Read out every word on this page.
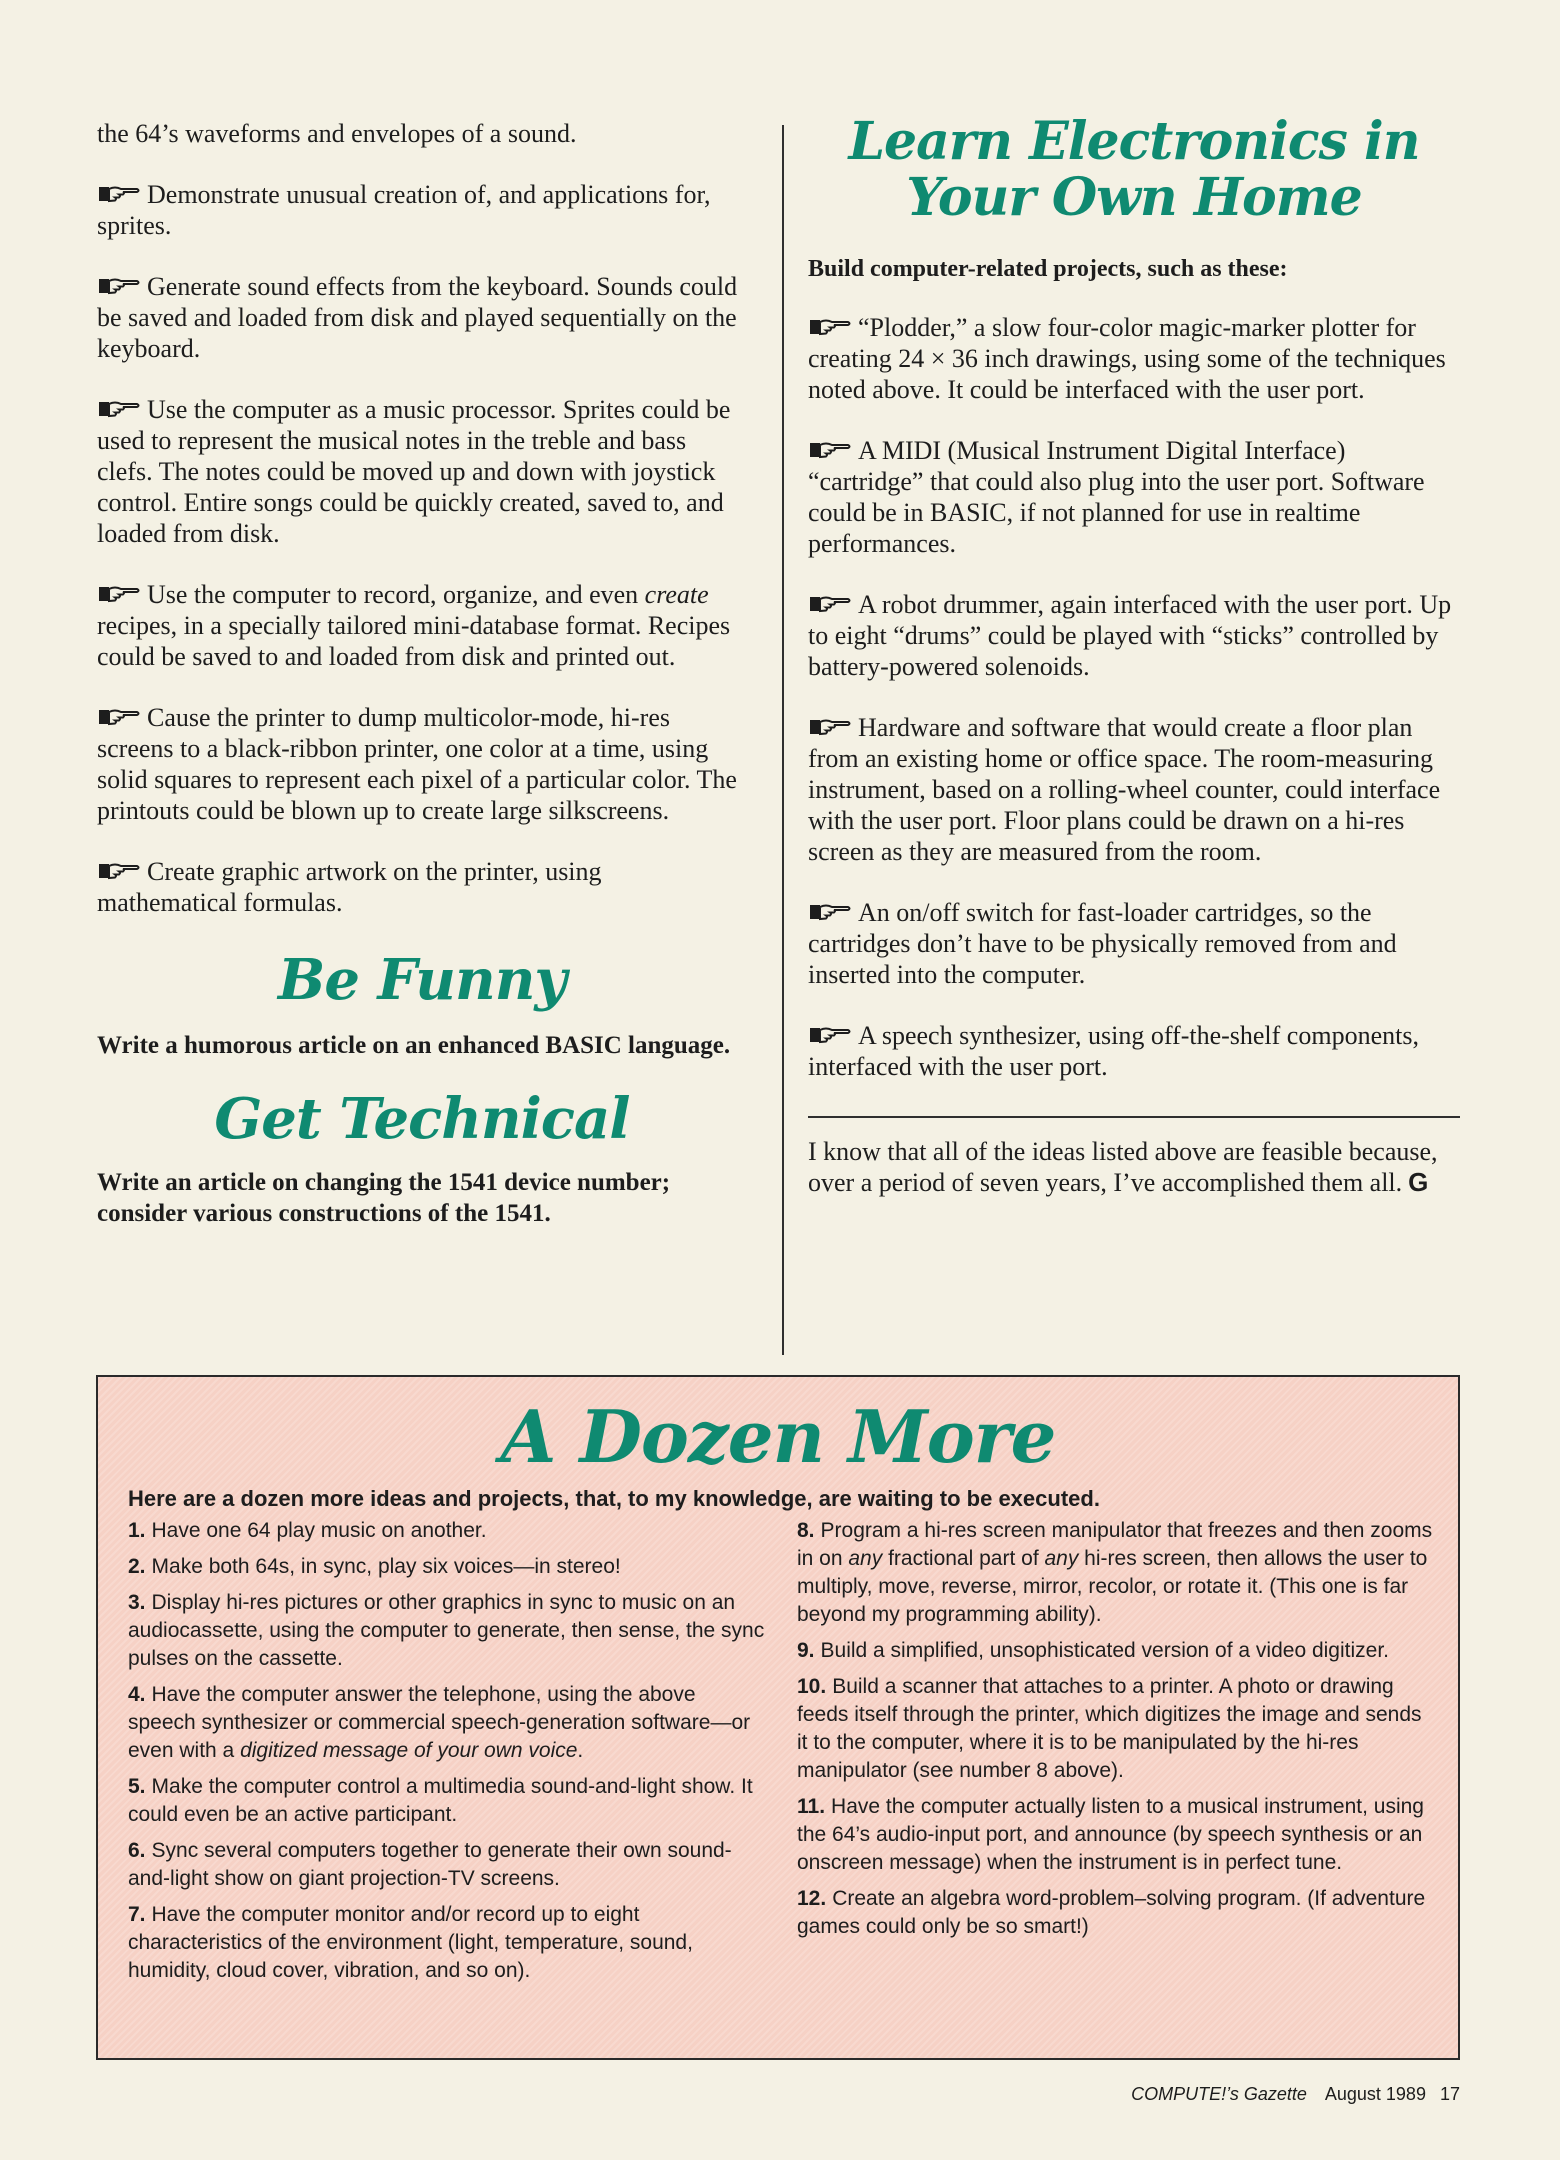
the 64’s waveforms and envelopes of a sound.

Demonstrate unusual creation of, and applications for, sprites.

Generate sound effects from the keyboard. Sounds could be saved and loaded from disk and played sequentially on the keyboard.

Use the computer as a music processor. Sprites could be used to represent the musical notes in the treble and bass clefs. The notes could be moved up and down with joystick control. Entire songs could be quickly created, saved to, and loaded from disk.

Use the computer to record, organize, and even create recipes, in a specially tailored mini-database format. Recipes could be saved to and loaded from disk and printed out.

Cause the printer to dump multicolor-mode, hi-res screens to a black-ribbon printer, one color at a time, using solid squares to represent each pixel of a particular color. The printouts could be blown up to create large silkscreens.

Create graphic artwork on the printer, using mathematical formulas.

Be Funny

Write a humorous article on an enhanced BASIC language.

Get Technical

Write an article on changing the 1541 device number; consider various constructions of the 1541.

Learn Electronics in
Your Own Home

Build computer-related projects, such as these:

“Plodder,” a slow four-color magic-marker plotter for creating 24 × 36 inch drawings, using some of the techniques noted above. It could be interfaced with the user port.

A MIDI (Musical Instrument Digital Interface) “cartridge” that could also plug into the user port. Software could be in BASIC, if not planned for use in realtime performances.

A robot drummer, again interfaced with the user port. Up to eight “drums” could be played with “sticks” controlled by battery-powered solenoids.

Hardware and software that would create a floor plan from an existing home or office space. The room-measuring instrument, based on a rolling-wheel counter, could interface with the user port. Floor plans could be drawn on a hi-res screen as they are measured from the room.

An on/off switch for fast-loader cartridges, so the cartridges don’t have to be physically removed from and inserted into the computer.

A speech synthesizer, using off-the-shelf components, interfaced with the user port.

I know that all of the ideas listed above are feasible because, over a period of seven years, I’ve accomplished them all. G

A Dozen More
Here are a dozen more ideas and projects, that, to my knowledge, are waiting to be executed.

1. Have one 64 play music on another.

2. Make both 64s, in sync, play six voices—in stereo!

3. Display hi-res pictures or other graphics in sync to music on an audiocassette, using the computer to generate, then sense, the sync pulses on the cassette.

4. Have the computer answer the telephone, using the above speech synthesizer or commercial speech-generation software—or even with a digitized message of your own voice.

5. Make the computer control a multimedia sound-and-light show. It could even be an active participant.

6. Sync several computers together to generate their own sound-and-light show on giant projection-TV screens.

7. Have the computer monitor and/or record up to eight characteristics of the environment (light, temperature, sound, humidity, cloud cover, vibration, and so on).

8. Program a hi-res screen manipulator that freezes and then zooms in on any fractional part of any hi-res screen, then allows the user to multiply, move, reverse, mirror, recolor, or rotate it. (This one is far beyond my programming ability).

9. Build a simplified, unsophisticated version of a video digitizer.

10. Build a scanner that attaches to a printer. A photo or drawing feeds itself through the printer, which digitizes the image and sends it to the computer, where it is to be manipulated by the hi-res manipulator (see number 8 above).

11. Have the computer actually listen to a musical instrument, using the 64’s audio-input port, and announce (by speech synthesis or an onscreen message) when the instrument is in perfect tune.

12. Create an algebra word-problem–solving program. (If adventure games could only be so smart!)

COMPUTE!’s Gazette August 1989 17
